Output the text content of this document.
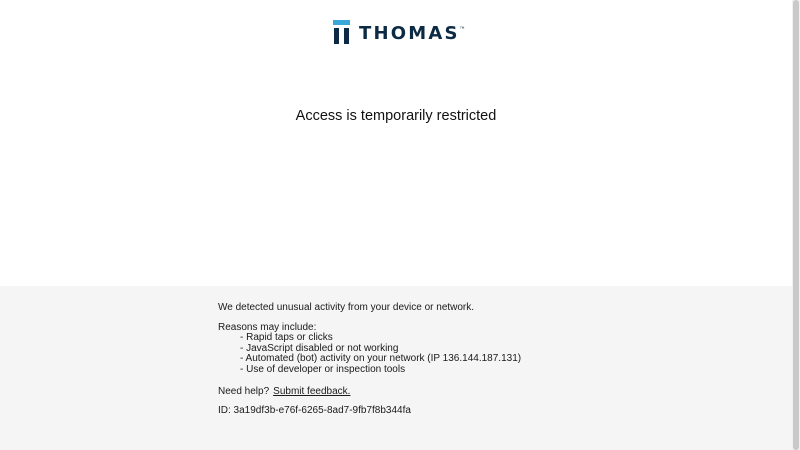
THOMAS ™
Access is temporarily restricted

We detected unusual activity from your device or network.

Reasons may include:

- Rapid taps or clicks
- JavaScript disabled or not working
- Automated (bot) activity on your network (IP 136.144.187.131)
- Use of developer or inspection tools

Need help? Submit feedback.

ID: 3a19df3b-e76f-6265-8ad7-9fb7f8b344fa
